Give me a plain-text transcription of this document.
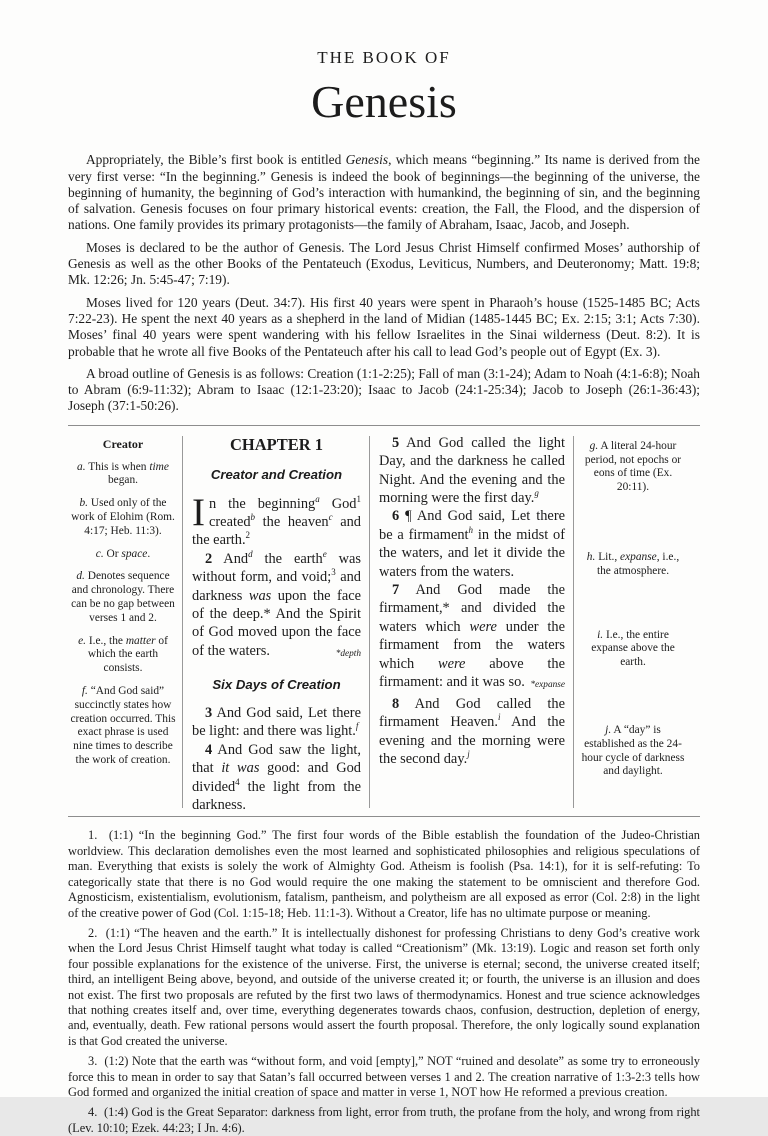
THE BOOK OF
Genesis

Appropriately, the Bible’s first book is entitled Genesis, which means “beginning.” Its name is derived from the very first verse: “In the beginning.” Genesis is indeed the book of beginnings—the beginning of the universe, the beginning of humanity, the beginning of God’s interaction with humankind, the beginning of sin, and the beginning of salvation. Genesis focuses on four primary historical events: creation, the Fall, the Flood, and the dispersion of nations. One family provides its primary protagonists—the family of Abraham, Isaac, Jacob, and Joseph.

Moses is declared to be the author of Genesis. The Lord Jesus Christ Himself confirmed Moses’ authorship of Genesis as well as the other Books of the Pentateuch (Exodus, Leviticus, Numbers, and Deuteronomy; Matt. 19:8; Mk. 12:26; Jn. 5:45-47; 7:19).

Moses lived for 120 years (Deut. 34:7). His first 40 years were spent in Pharaoh’s house (1525-1485 BC; Acts 7:22-23). He spent the next 40 years as a shepherd in the land of Midian (1485-1445 BC; Ex. 2:15; 3:1; Acts 7:30). Moses’ final 40 years were spent wandering with his fellow Israelites in the Sinai wilderness (Deut. 8:2). It is probable that he wrote all five Books of the Pentateuch after his call to lead God’s people out of Egypt (Ex. 3).

A broad outline of Genesis is as follows: Creation (1:1-2:25); Fall of man (3:1-24); Adam to Noah (4:1-6:8); Noah to Abram (6:9-11:32); Abram to Isaac (12:1-23:20); Isaac to Jacob (24:1-25:34); Jacob to Joseph (26:1-36:43); Joseph (37:1-50:26).

Creator

a. This is when time began.

b. Used only of the work of Elohim (Rom. 4:17; Heb. 11:3).

c. Or space.

d. Denotes sequence and chronology. There can be no gap between verses 1 and 2.

e. I.e., the matter of which the earth consists.

f. “And God said” succinctly states how creation occurred. This exact phrase is used nine times to describe the work of creation.

CHAPTER 1
Creator and Creation

In the beginning$^a$ God$^1$ created$^b$ the heaven$^c$ and the earth.$^2$

2 And$^d$ the earth$^e$ was without form, and void;$^3$ and darkness was upon the face of the deep.* And the Spirit of God moved upon the face of the waters.	*depth

Six Days of Creation

3 And God said, Let there be light: and there was light.$^f$

4 And God saw the light, that it was good: and God divided$^4$ the light from the darkness.

5 And God called the light Day, and the darkness he called Night. And the evening and the morning were the first day.$^g$

6 ¶ And God said, Let there be a firmament$^h$ in the midst of the waters, and let it divide the waters from the waters.

7 And God made the firmament,* and divided the waters which were under the firmament from the waters which were above the firmament: and it was so. *expanse

8 And God called the firmament Heaven.$^i$ And the evening and the morning were the second day.$^j$

g. A literal 24-hour period, not epochs or eons of time (Ex. 20:11).

h. Lit., expanse, i.e., the atmosphere.

i. I.e., the entire expanse above the earth.

j. A “day” is established as the 24-hour cycle of darkness and daylight.

1.  (1:1) “In the beginning God.” The first four words of the Bible establish the foundation of the Judeo-Christian worldview. This declaration demolishes even the most learned and sophisticated philosophies and religious speculations of man. Everything that exists is solely the work of Almighty God. Atheism is foolish (Psa. 14:1), for it is self-refuting: To categorically state that there is no God would require the one making the statement to be omniscient and therefore God. Agnosticism, existentialism, evolutionism, fatalism, pantheism, and polytheism are all exposed as error (Col. 2:8) in the light of the creative power of God (Col. 1:15-18; Heb. 11:1-3). Without a Creator, life has no ultimate purpose or meaning.

2.  (1:1) “The heaven and the earth.” It is intellectually dishonest for professing Christians to deny God’s creative work when the Lord Jesus Christ Himself taught what today is called “Creationism” (Mk. 13:19). Logic and reason set forth only four possible explanations for the existence of the universe. First, the universe is eternal; second, the universe created itself; third, an intelligent Being above, beyond, and outside of the universe created it; or fourth, the universe is an illusion and does not exist. The first two proposals are refuted by the first two laws of thermodynamics. Honest and true science acknowledges that nothing creates itself and, over time, everything degenerates towards chaos, confusion, destruction, depletion of energy, and, eventually, death. Few rational persons would assert the fourth proposal. Therefore, the only logically sound explanation is that God created the universe.

3.  (1:2) Note that the earth was “without form, and void [empty],” NOT “ruined and desolate” as some try to erroneously force this to mean in order to say that Satan’s fall occurred between verses 1 and 2. The creation narrative of 1:3-2:3 tells how God formed and organized the initial creation of space and matter in verse 1, NOT how He reformed a previous creation.

4.  (1:4) God is the Great Separator: darkness from light, error from truth, the profane from the holy, and wrong from right (Lev. 10:10; Ezek. 44:23; I Jn. 4:6).
